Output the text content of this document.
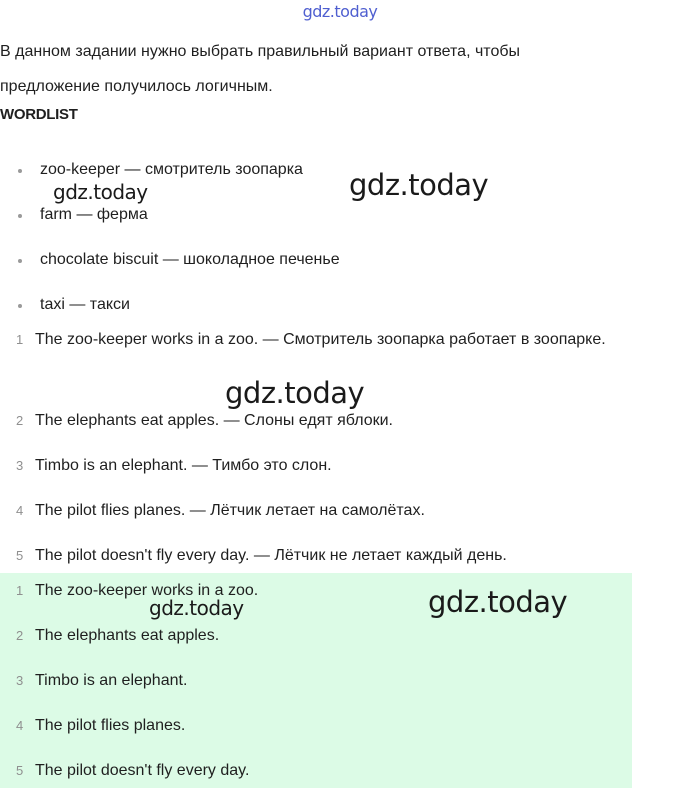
gdz.today
В данном задании нужно выбрать правильный вариант ответа, чтобы предложение получилось логичным.
WORDLIST
zoo-keeper — смотритель зоопарка
farm — ферма
chocolate biscuit — шоколадное печенье
taxi — такси
1 The zoo-keeper works in a zoo. — Смотритель зоопарка работает в зоопарке.
2 The elephants eat apples. — Слоны едят яблоки.
3 Timbo is an elephant. — Тимбо это слон.
4 The pilot flies planes. — Лётчик летает на самолётах.
5 The pilot doesn't fly every day. — Лётчик не летает каждый день.
1 The zoo-keeper works in a zoo.
2 The elephants eat apples.
3 Timbo is an elephant.
4 The pilot flies planes.
5 The pilot doesn't fly every day.
gdz.today	gdz.today
gdz.today
gdz.today	gdz.today
